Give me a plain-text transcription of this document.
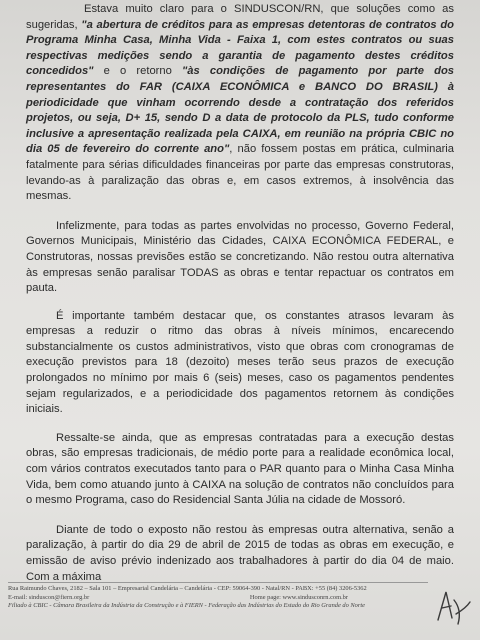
Estava muito claro para o SINDUSCON/RN, que soluções como as sugeridas, "a abertura de créditos para as empresas detentoras de contratos do Programa Minha Casa, Minha Vida - Faixa 1, com estes contratos ou suas respectivas medições sendo a garantia de pagamento destes créditos concedidos" e o retorno "às condições de pagamento por parte dos representantes do FAR (CAIXA ECONÔMICA e BANCO DO BRASIL) à periodicidade que vinham ocorrendo desde a contratação dos referidos projetos, ou seja, D+ 15, sendo D a data de protocolo da PLS, tudo conforme inclusive a apresentação realizada pela CAIXA, em reunião na própria CBIC no dia 05 de fevereiro do corrente ano", não fossem postas em prática, culminaria fatalmente para sérias dificuldades financeiras por parte das empresas construtoras, levando-as à paralização das obras e, em casos extremos, à insolvência das mesmas.

Infelizmente, para todas as partes envolvidas no processo, Governo Federal, Governos Municipais, Ministério das Cidades, CAIXA ECONÔMICA FEDERAL, e Construtoras, nossas previsões estão se concretizando. Não restou outra alternativa às empresas senão paralisar TODAS as obras e tentar repactuar os contratos em pauta.

É importante também destacar que, os constantes atrasos levaram às empresas a reduzir o ritmo das obras à níveis mínimos, encarecendo substancialmente os custos administrativos, visto que obras com cronogramas de execução previstos para 18 (dezoito) meses terão seus prazos de execução prolongados no mínimo por mais 6 (seis) meses, caso os pagamentos pendentes sejam regularizados, e a periodicidade dos pagamentos retornem às condições iniciais.

Ressalte-se ainda, que as empresas contratadas para a execução destas obras, são empresas tradicionais, de médio porte para a realidade econômica local, com vários contratos executados tanto para o PAR quanto para o Minha Casa Minha Vida, bem como atuando junto à CAIXA na solução de contratos não concluídos para o mesmo Programa, caso do Residencial Santa Júlia na cidade de Mossoró.

Diante de todo o exposto não restou às empresas outra alternativa, senão a paralização, à partir do dia 29 de abril de 2015 de todas as obras em execução, e emissão de aviso prévio indenizado aos trabalhadores à partir do dia 04 de maio. Com a máxima

Rua Raimundo Chaves, 2182 – Sala 101 – Empresarial Candelária – Candelária - CEP: 59064-390 - Natal/RN - PABX: +55 (84) 3206-5362
E-mail: sinduscon@fiern.org.br	Home page: www.sindusconrn.com.br
Filiado à CBIC - Câmara Brasileira da Indústria da Construção e à FIERN - Federação das Indústrias do Estado do Rio Grande do Norte
